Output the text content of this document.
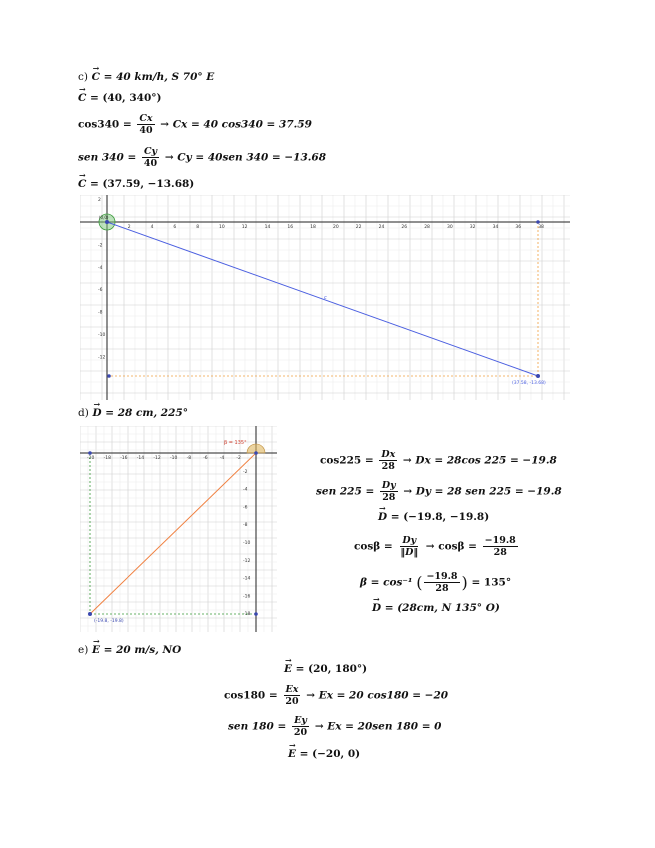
c) → C = 40 km/h, S 70° E
→ C = (40, 340°)
$\cos 340 = \frac{Cx}{40} \to Cx = 40$ cos340 = 37.59
sen $340 = \frac{Cy}{40} \to Cy = 40sen$ 340 = −13.68
→ C = (37.59, −13.68)
2	4	6	8	10	12	14	16	18	20	22	24	26	28	30	32	34	36	38
2
-2
-4
-6
-8
-10
-12
c
(37.58, -13.68)
(0,0)
d) → D = 28 cm, 225°
-20 -18 -16 -14 -12 -10 -8	-6	-4	-2
-2
-4
-6
-8
-10
-12
-14
-16
-18
β = 135°
(-19.8, -19.8)
$\cos 225 = \frac{Dx}{28} \to Dx = 28\cos$ 225 = −19.8
sen $225 = \frac{Dy}{28} \to Dy = 28$ sen 225 = −19.8
→ D = (−19.8, −19.8)
$\cos\beta = \frac{Dy}{‖D‖} \to \cos\beta = \frac{-19.8}{28}$
β = cos⁻¹ ( $\frac{-19.8}{28}$ ) = 135°
→ D = (28cm, N 135° O)
e) → E = 20 m/s, NO
→ E = (20, 180°)
$\cos 180 = \frac{Ex}{20} \to Ex = 20$ cos180 = −20
sen $180 = \frac{Ey}{20} \to Ex = 20sen$ 180 = 0
→ E = (−20, 0)
